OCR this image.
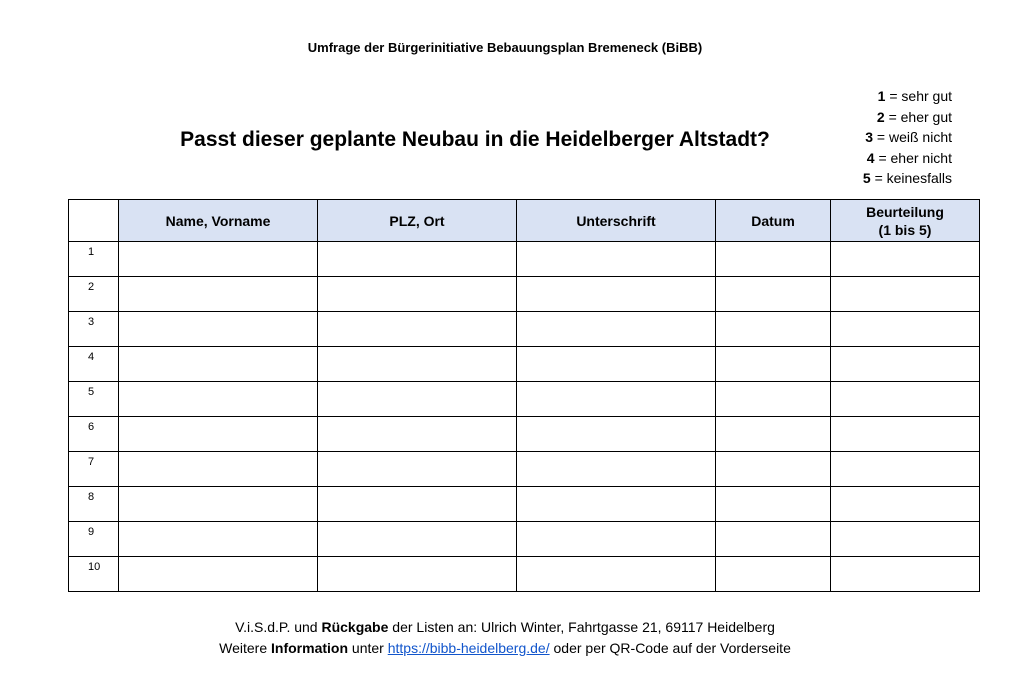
Umfrage der Bürgerinitiative Bebauungsplan Bremeneck (BiBB)
Passt dieser geplante Neubau in die Heidelberger Altstadt?
1 = sehr gut
2 = eher gut
3 = weiß nicht
4 = eher nicht
5 = keinesfalls
	Name, Vorname	PLZ, Ort	Unterschrift	Datum	Beurteilung
(1 bis 5)

1					
2					
3					
4					
5					
6					
7					
8					
9					
10					
V.i.S.d.P. und Rückgabe der Listen an: Ulrich Winter, Fahrtgasse 21, 69117 Heidelberg
Weitere Information unter https://bibb-heidelberg.de/ oder per QR-Code auf der Vorderseite
